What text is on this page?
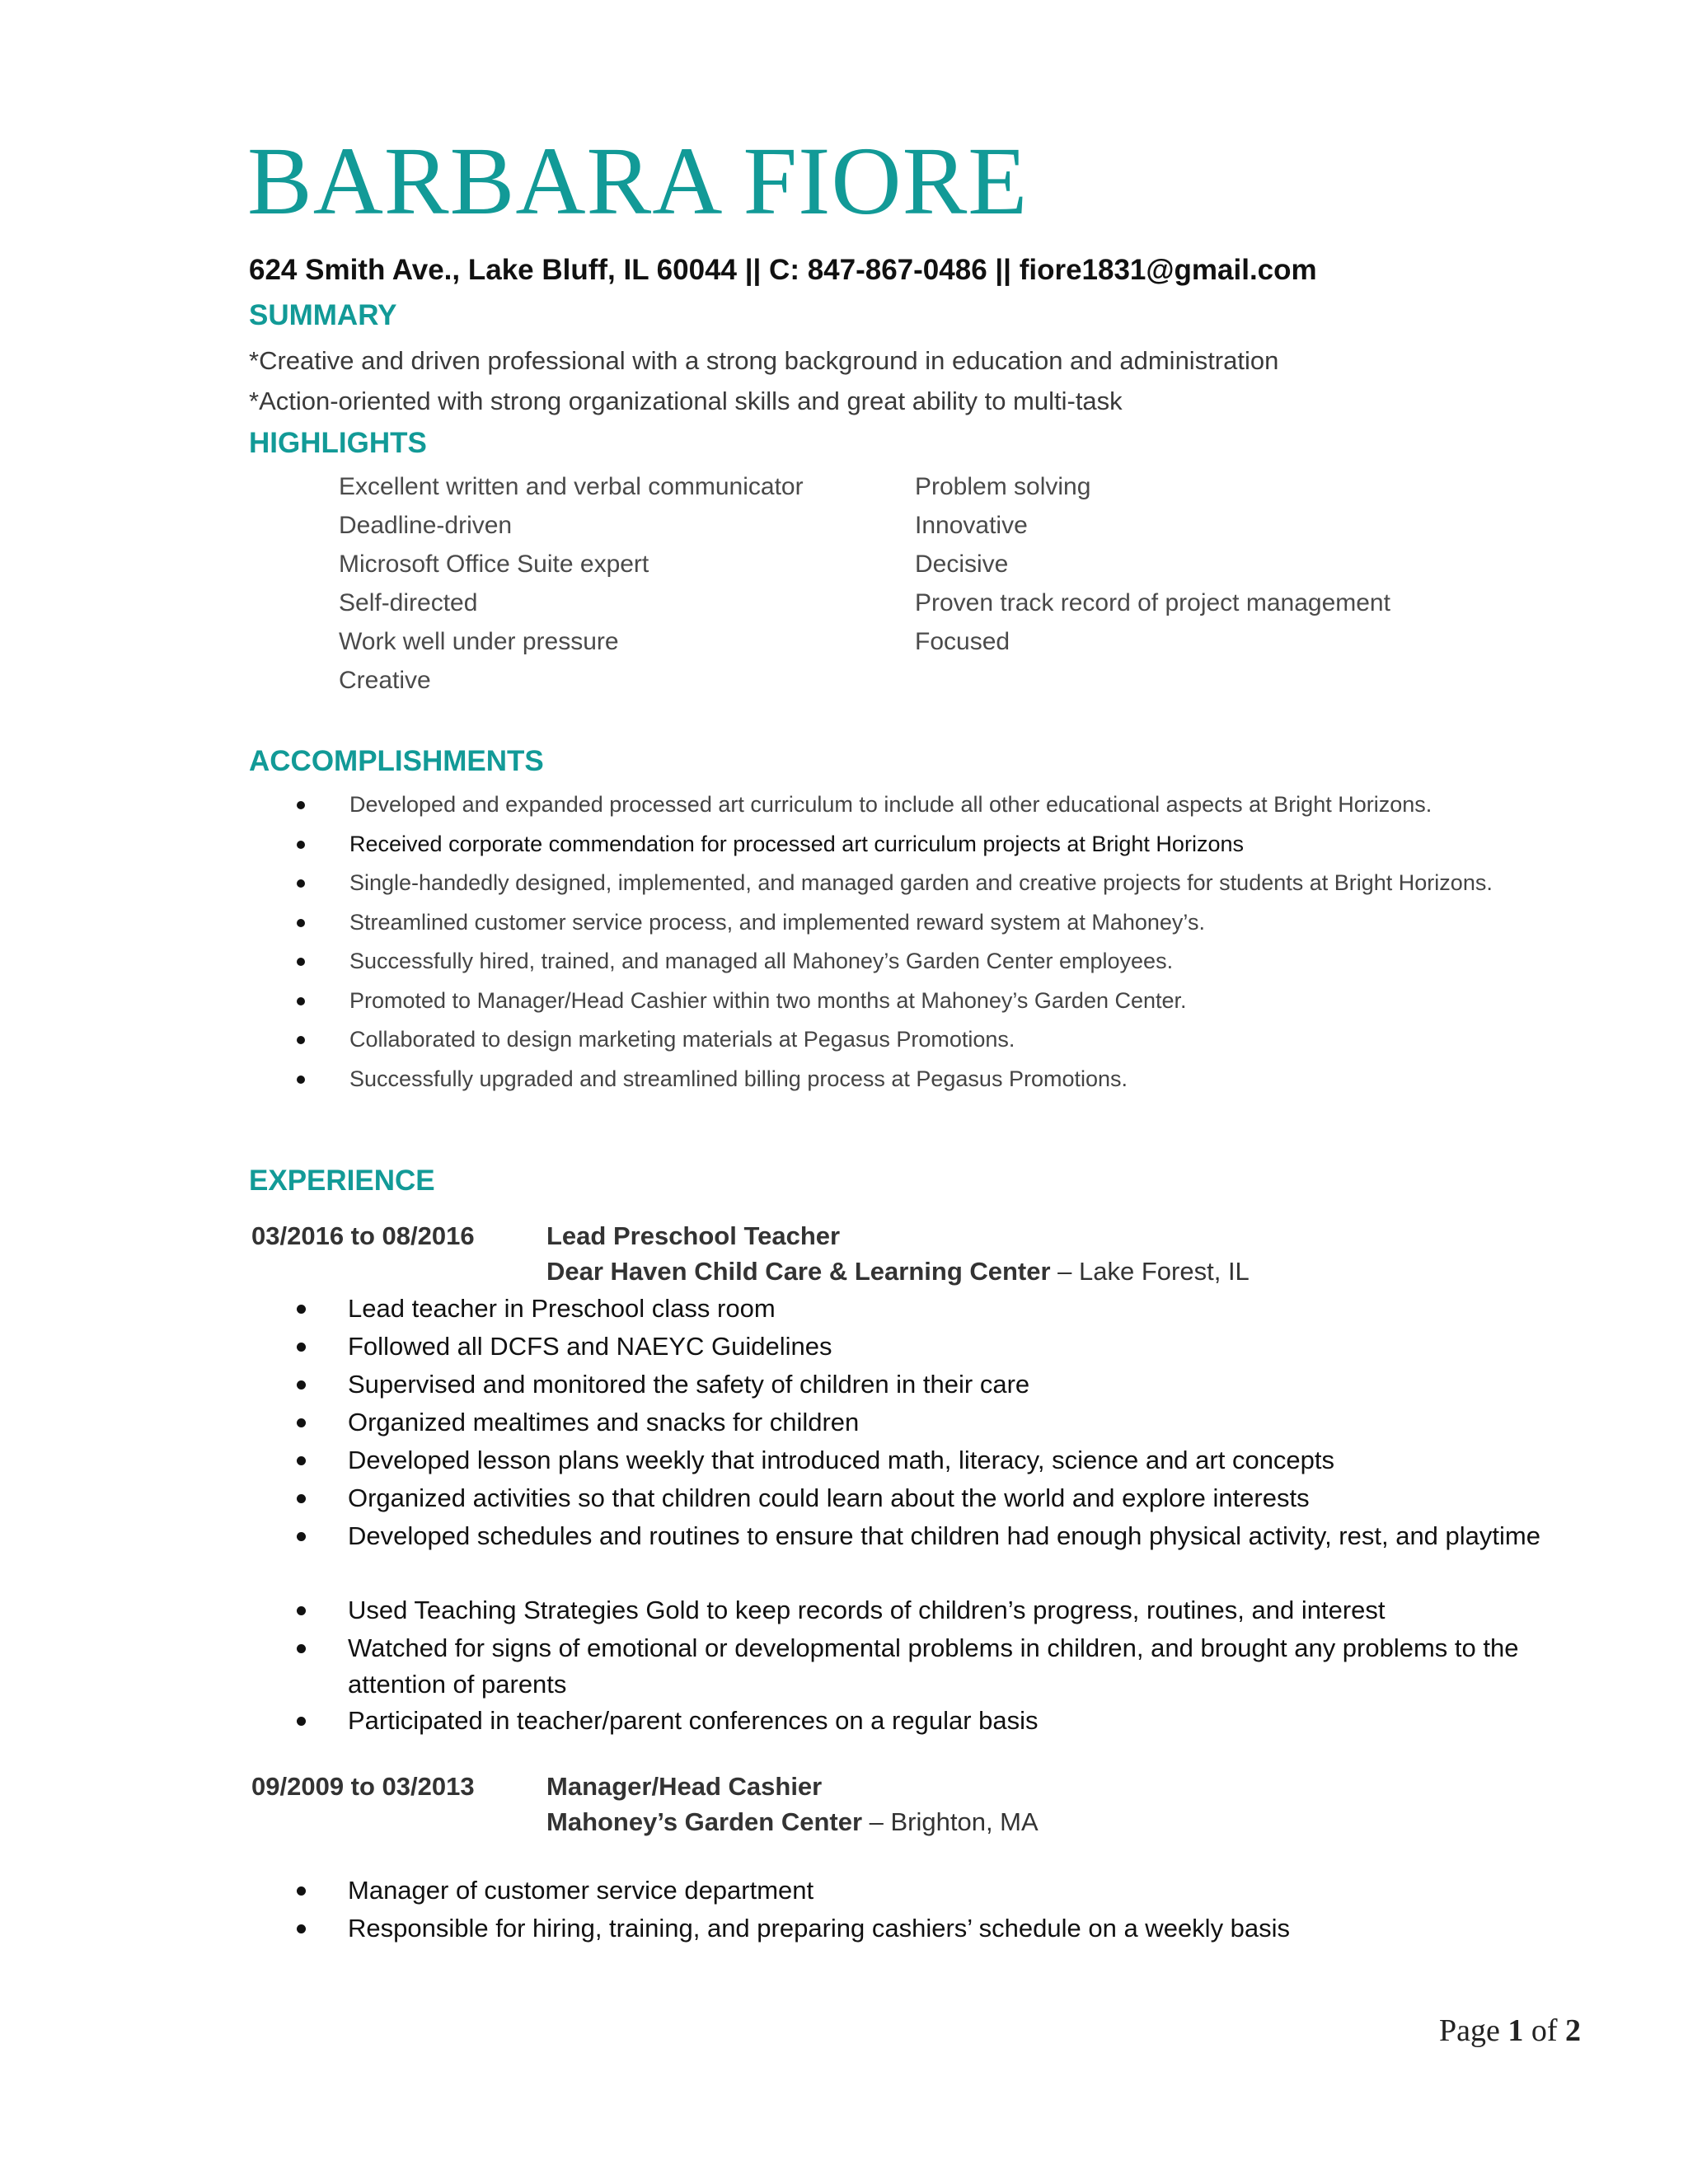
BARBARA FIORE
624 Smith Ave., Lake Bluff, IL 60044 || C: 847-867-0486 || fiore1831@gmail.com
SUMMARY
*Creative and driven professional with a strong background in education and administration
*Action-oriented with strong organizational skills and great ability to multi-task
HIGHLIGHTS
Excellent written and verbal communicator
Deadline-driven
Microsoft Office Suite expert
Self-directed
Work well under pressure
Creative
Problem solving
Innovative
Decisive
Proven track record of project management
Focused
ACCOMPLISHMENTS
Developed and expanded processed art curriculum to include all other educational aspects at Bright Horizons.
Received corporate commendation for processed art curriculum projects at Bright Horizons
Single-handedly designed, implemented, and managed garden and creative projects for students at Bright Horizons.
Streamlined customer service process, and implemented reward system at Mahoney’s.
Successfully hired, trained, and managed all Mahoney’s Garden Center employees.
Promoted to Manager/Head Cashier within two months at Mahoney’s Garden Center.
Collaborated to design marketing materials at Pegasus Promotions.
Successfully upgraded and streamlined billing process at Pegasus Promotions.
EXPERIENCE
03/2016 to 08/2016	Lead Preschool Teacher
Dear Haven Child Care & Learning Center – Lake Forest, IL
Lead teacher in Preschool class room
Followed all DCFS and NAEYC Guidelines
Supervised and monitored the safety of children in their care
Organized mealtimes and snacks for children
Developed lesson plans weekly that introduced math, literacy, science and art concepts
Organized activities so that children could learn about the world and explore interests
Developed schedules and routines to ensure that children had enough physical activity, rest, and playtime
Used Teaching Strategies Gold to keep records of children’s progress, routines, and interest
Watched for signs of emotional or developmental problems in children, and brought any problems to the attention of parents
Participated in teacher/parent conferences on a regular basis
09/2009 to 03/2013	Manager/Head Cashier
Mahoney’s Garden Center – Brighton, MA
Manager of customer service department
Responsible for hiring, training, and preparing cashiers’ schedule on a weekly basis
Page 1 of 2
